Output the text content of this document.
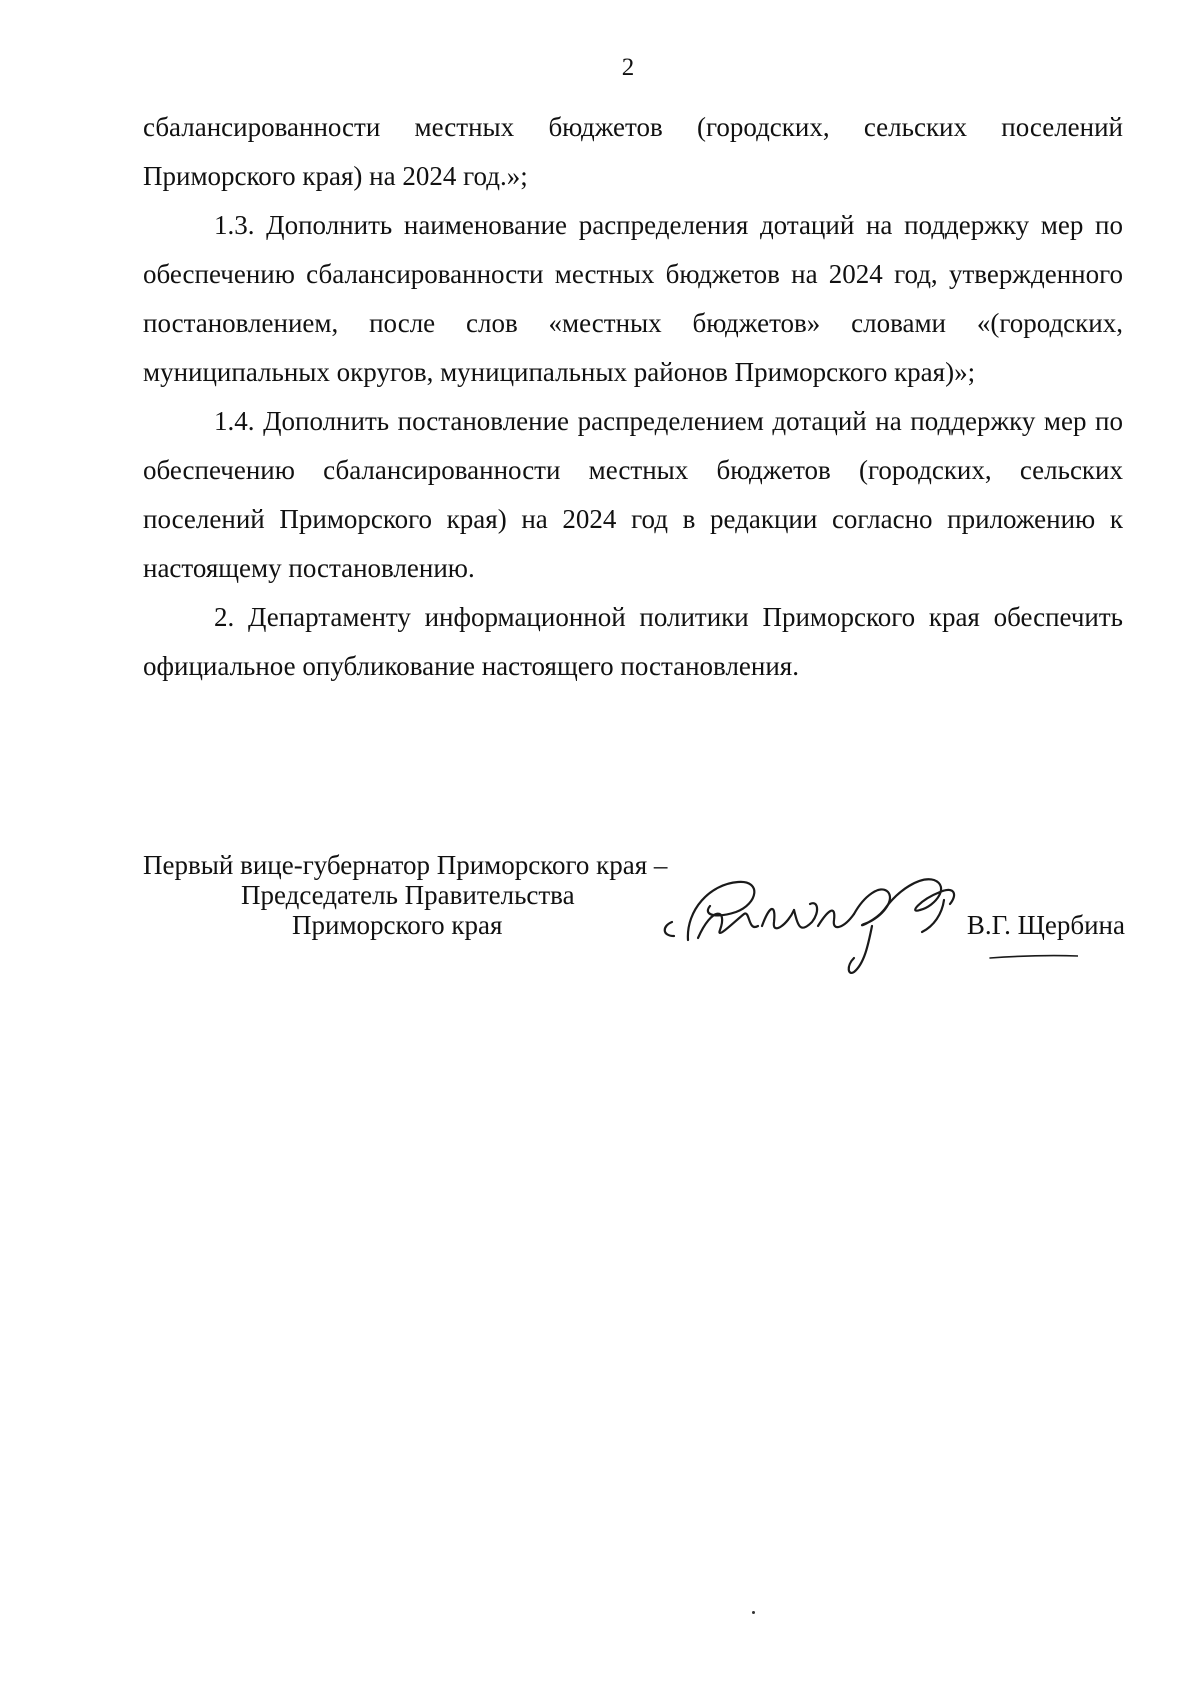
2

сбалансированности местных бюджетов (городских, сельских поселений Приморского края) на 2024 год.»;

1.3. Дополнить наименование распределения дотаций на поддержку мер по обеспечению сбалансированности местных бюджетов на 2024 год, утвержденного постановлением, после слов «местных бюджетов» словами «(городских, муниципальных округов, муниципальных районов Приморского края)»;

1.4. Дополнить постановление распределением дотаций на поддержку мер по обеспечению сбалансированности местных бюджетов (городских, сельских поселений Приморского края) на 2024 год в редакции согласно приложению к настоящему постановлению.

2. Департаменту информационной политики Приморского края обеспечить официальное опубликование настоящего постановления.

Первый вице-губернатор Приморского края –
Председатель Правительства
Приморского края	В.Г. Щербина
